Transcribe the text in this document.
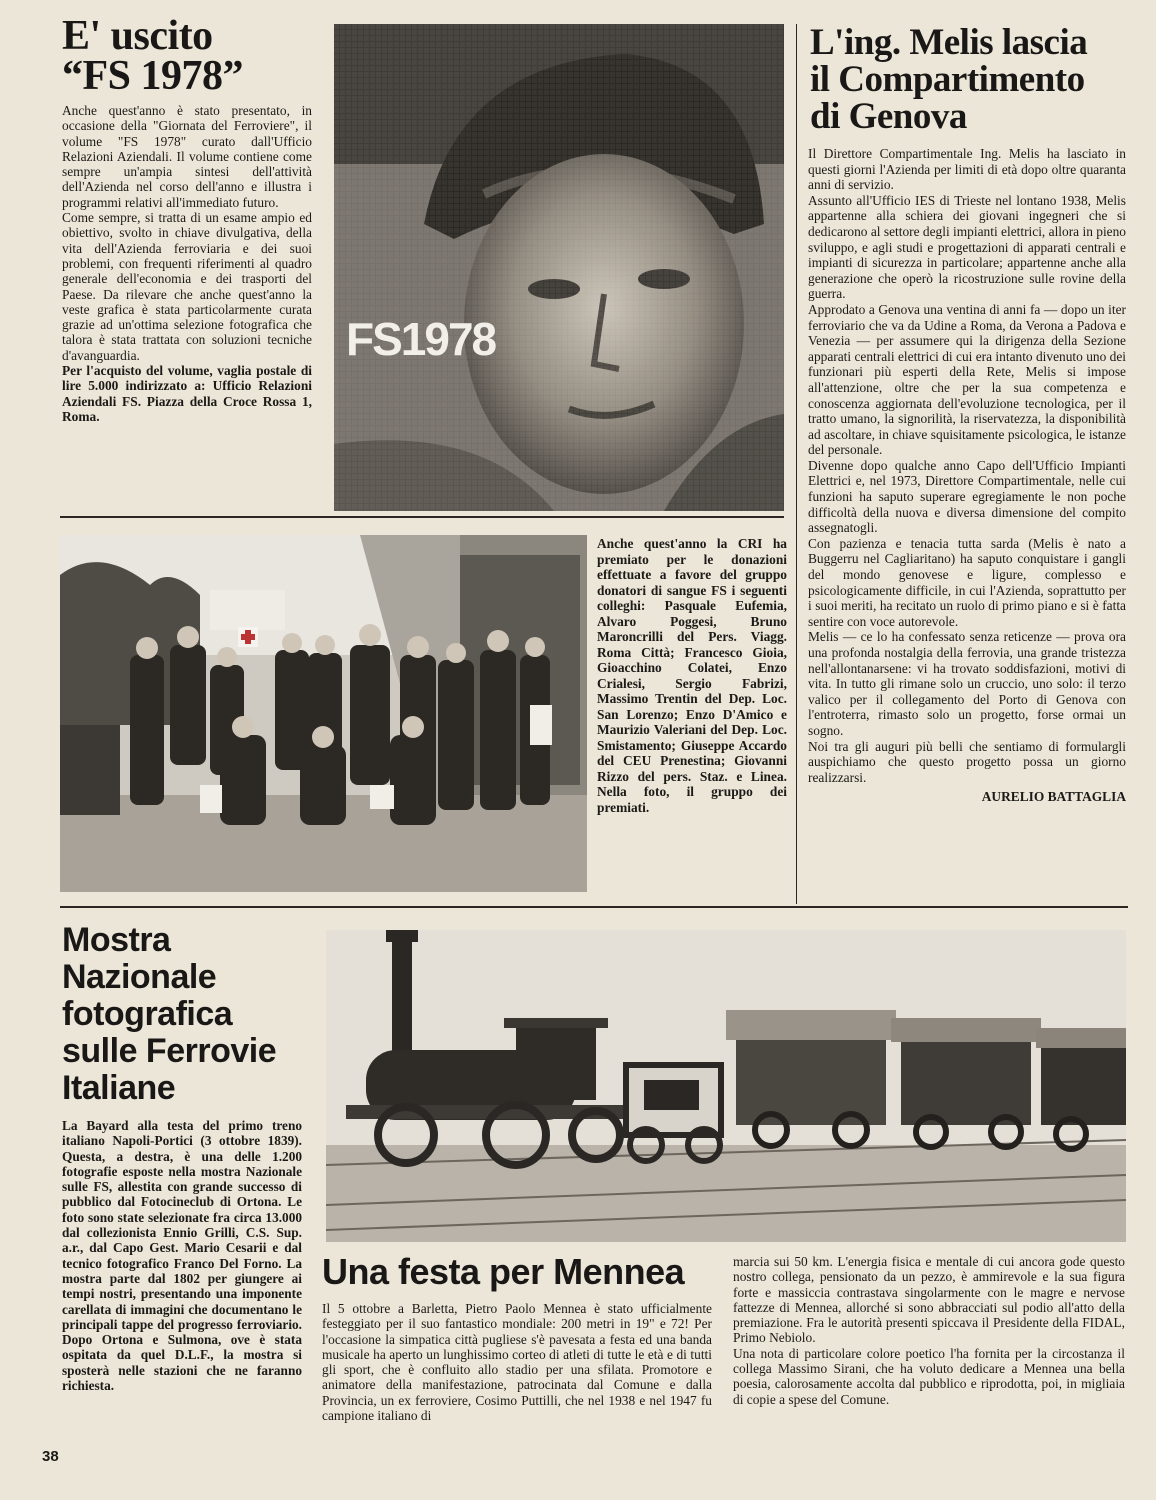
E' uscito
“FS 1978”

Anche quest'anno è stato presentato, in occasione della "Giornata del Ferroviere", il volume "FS 1978" curato dall'Ufficio Relazioni Aziendali. Il volume contiene come sempre un'ampia sintesi dell'attività dell'Azienda nel corso dell'anno e illustra i programmi relativi all'immediato futuro.

Come sempre, si tratta di un esame ampio ed obiettivo, svolto in chiave divulgativa, della vita dell'Azienda ferroviaria e dei suoi problemi, con frequenti riferimenti al quadro generale dell'economia e dei trasporti del Paese. Da rilevare che anche quest'anno la veste grafica è stata particolarmente curata grazie ad un'ottima selezione fotografica che talora è stata trattata con soluzioni tecniche d'avanguardia.

Per l'acquisto del volume, vaglia postale di lire 5.000 indirizzato a: Ufficio Relazioni Aziendali FS. Piazza della Croce Rossa 1, Roma.

FS1978
L'ing. Melis lascia
il Compartimento
di Genova

Il Direttore Compartimentale Ing. Melis ha lasciato in questi giorni l'Azienda per limiti di età dopo oltre quaranta anni di servizio.

Assunto all'Ufficio IES di Trieste nel lontano 1938, Melis appartenne alla schiera dei giovani ingegneri che si dedicarono al settore degli impianti elettrici, allora in pieno sviluppo, e agli studi e progettazioni di apparati centrali e impianti di sicurezza in particolare; appartenne anche alla generazione che operò la ricostruzione sulle rovine della guerra.

Approdato a Genova una ventina di anni fa — dopo un iter ferroviario che va da Udine a Roma, da Verona a Padova e Venezia — per assumere qui la dirigenza della Sezione apparati centrali elettrici di cui era intanto divenuto uno dei funzionari più esperti della Rete, Melis si impose all'attenzione, oltre che per la sua competenza e conoscenza aggiornata dell'evoluzione tecnologica, per il tratto umano, la signorilità, la riservatezza, la disponibilità ad ascoltare, in chiave squisitamente psicologica, le istanze del personale.

Divenne dopo qualche anno Capo dell'Ufficio Impianti Elettrici e, nel 1973, Direttore Compartimentale, nelle cui funzioni ha saputo superare egregiamente le non poche difficoltà della nuova e diversa dimensione del compito assegnatogli.

Con pazienza e tenacia tutta sarda (Melis è nato a Buggerru nel Cagliaritano) ha saputo conquistare i gangli del mondo genovese e ligure, complesso e psicologicamente difficile, in cui l'Azienda, soprattutto per i suoi meriti, ha recitato un ruolo di primo piano e si è fatta sentire con voce autorevole.

Melis — ce lo ha confessato senza reticenze — prova ora una profonda nostalgia della ferrovia, una grande tristezza nell'allontanarsene: vi ha trovato soddisfazioni, motivi di vita. In tutto gli rimane solo un cruccio, uno solo: il terzo valico per il collegamento del Porto di Genova con l'entroterra, rimasto solo un progetto, forse ormai un sogno.

Noi tra gli auguri più belli che sentiamo di formulargli auspichiamo che questo progetto possa un giorno realizzarsi.

AURELIO BATTAGLIA

Anche quest'anno la CRI ha premiato per le donazioni effettuate a favore del gruppo donatori di sangue FS i seguenti colleghi: Pasquale Eufemia, Alvaro Poggesi, Bruno Maroncrilli del Pers. Viagg. Roma Città; Francesco Gioia, Gioacchino Colatei, Enzo Crialesi, Sergio Fabrizi, Massimo Trentin del Dep. Loc. San Lorenzo; Enzo D'Amico e Maurizio Valeriani del Dep. Loc. Smistamento; Giuseppe Accardo del CEU Prenestina; Giovanni Rizzo del pers. Staz. e Linea. Nella foto, il gruppo dei premiati.
Mostra
Nazionale
fotografica
sulle Ferrovie
Italiane
La Bayard alla testa del primo treno italiano Napoli-Portici (3 ottobre 1839). Questa, a destra, è una delle 1.200 fotografie esposte nella mostra Nazionale sulle FS, allestita con grande successo di pubblico dal Fotocineclub di Ortona. Le foto sono state selezionate fra circa 13.000 dal collezionista Ennio Grilli, C.S. Sup. a.r., dal Capo Gest. Mario Cesarii e dal tecnico fotografico Franco Del Forno. La mostra parte dal 1802 per giungere ai tempi nostri, presentando una imponente carellata di immagini che documentano le principali tappe del progresso ferroviario. Dopo Ortona e Sulmona, ove è stata ospitata da quel D.L.F., la mostra si sposterà nelle stazioni che ne faranno richiesta.
Una festa per Mennea
Il 5 ottobre a Barletta, Pietro Paolo Mennea è stato ufficialmente festeggiato per il suo fantastico mondiale: 200 metri in 19" e 72! Per l'occasione la simpatica città pugliese s'è pavesata a festa ed una banda musicale ha aperto un lunghissimo corteo di atleti di tutte le età e di tutti gli sport, che è confluito allo stadio per una sfilata. Promotore e animatore della manifestazione, patrocinata dal Comune e dalla Provincia, un ex ferroviere, Cosimo Puttilli, che nel 1938 e nel 1947 fu campione italiano di

marcia sui 50 km. L'energia fisica e mentale di cui ancora gode questo nostro collega, pensionato da un pezzo, è ammirevole e la sua figura forte e massiccia contrastava singolarmente con le magre e nervose fattezze di Mennea, allorché si sono abbracciati sul podio all'atto della premiazione. Fra le autorità presenti spiccava il Presidente della FIDAL, Primo Nebiolo.

Una nota di particolare colore poetico l'ha fornita per la circostanza il collega Massimo Sirani, che ha voluto dedicare a Mennea una bella poesia, calorosamente accolta dal pubblico e riprodotta, poi, in migliaia di copie a spese del Comune.

38
